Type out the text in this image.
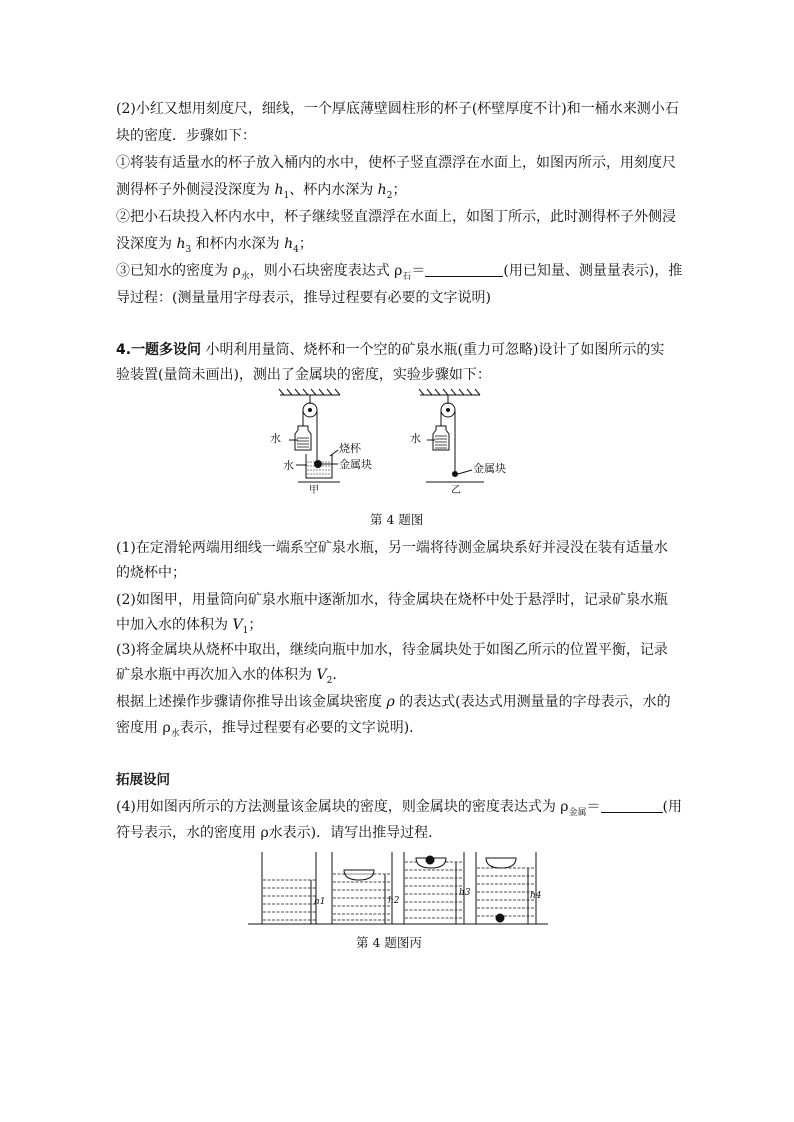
(2)小红又想用刻度尺，细线，一个厚底薄壁圆柱形的杯子(杯壁厚度不计)和一桶水来测小石
块的密度．步骤如下：
①将装有适量水的杯子放入桶内的水中，使杯子竖直漂浮在水面上，如图丙所示，用刻度尺
测得杯子外侧浸没深度为 $h_1$、杯内水深为 $h_2$；
②把小石块投入杯内水中，杯子继续竖直漂浮在水面上，如图丁所示，此时测得杯子外侧浸
没深度为 $h_3$ 和杯内水深为 $h_4$；
③已知水的密度为 $\rho_水$，则小石块密度表达式 $\rho_石=$	(用已知量、测量量表示)，推
导过程：(测量量用字母表示，推导过程要有必要的文字说明)
4.一题多设问 小明利用量筒、烧杯和一个空的矿泉水瓶(重力可忽略)设计了如图所示的实
验装置(量筒未画出)，测出了金属块的密度，实验步骤如下：
水
烧杯
水	金属块
甲
水
金属块
乙
第 4 题图
(1)在定滑轮两端用细线一端系空矿泉水瓶，另一端将待测金属块系好并浸没在装有适量水
的烧杯中；
(2)如图甲，用量筒向矿泉水瓶中逐渐加水，待金属块在烧杯中处于悬浮时，记录矿泉水瓶
中加入水的体积为 $V_1$；
(3)将金属块从烧杯中取出，继续向瓶中加水，待金属块处于如图乙所示的位置平衡，记录
矿泉水瓶中再次加入水的体积为 $V_2$.
根据上述操作步骤请你推导出该金属块密度 ρ 的表达式(表达式用测量量的字母表示，水的
密度用 $\rho_水$表示，推导过程要有必要的文字说明).
拓展设问
(4)用如图丙所示的方法测量该金属块的密度，则金属块的密度表达式为 $\rho_{金属}=$	(用
符号表示，水的密度用 ρ水表示)．请写出推导过程.
h1	h2
h3	h4
第 4 题图丙
